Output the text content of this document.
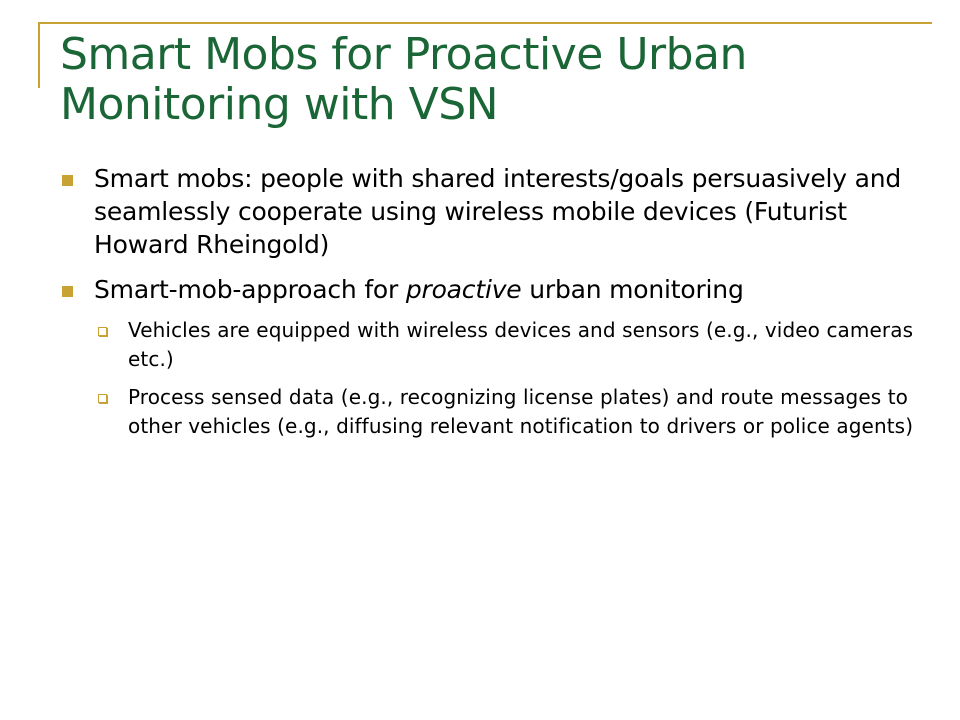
Smart Mobs for Proactive Urban Monitoring with VSN
Smart mobs: people with shared interests/goals persuasively and seamlessly cooperate using wireless mobile devices (Futurist Howard Rheingold)
Smart-mob-approach for proactive urban monitoring
Vehicles are equipped with wireless devices and sensors (e.g., video cameras etc.)
Process sensed data (e.g., recognizing license plates) and route messages to other vehicles (e.g., diffusing relevant notification to drivers or police agents)
